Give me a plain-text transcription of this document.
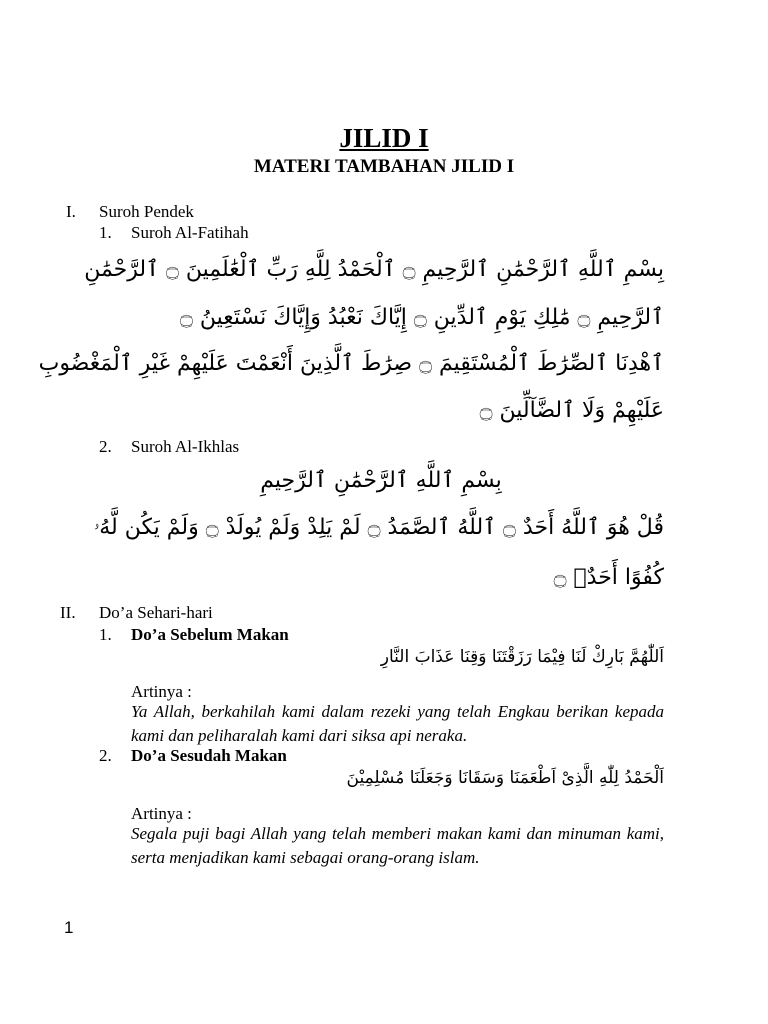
JILID I
MATERI TAMBAHAN JILID I
I. Suroh Pendek
1. Suroh Al-Fatihah
بِسْمِ ٱللَّهِ ٱلرَّحْمَٰنِ ٱلرَّحِيمِ ۝ ٱلْحَمْدُ لِلَّهِ رَبِّ ٱلْعَٰلَمِينَ ۝ ٱلرَّحْمَٰنِ
ٱلرَّحِيمِ ۝ مَٰلِكِ يَوْمِ ٱلدِّينِ ۝ إِيَّاكَ نَعْبُدُ وَإِيَّاكَ نَسْتَعِينُ ۝
ٱهْدِنَا ٱلصِّرَٰطَ ٱلْمُسْتَقِيمَ ۝ صِرَٰطَ ٱلَّذِينَ أَنْعَمْتَ عَلَيْهِمْ غَيْرِ ٱلْمَغْضُوبِ
عَلَيْهِمْ وَلَا ٱلضَّآلِّينَ ۝
2. Suroh Al-Ikhlas
بِسْمِ ٱللَّهِ ٱلرَّحْمَٰنِ ٱلرَّحِيمِ
قُلْ هُوَ ٱللَّهُ أَحَدٌ ۝ ٱللَّهُ ٱلصَّمَدُ ۝ لَمْ يَلِدْ وَلَمْ يُولَدْ ۝ وَلَمْ يَكُن لَّهُۥ
كُفُوًا أَحَدٌۢ ۝
II. Do’a Sehari-hari
1. Do’a Sebelum Makan
اَللّٰهُمَّ بَارِكْ لَنَا فِيْمَا رَزَقْتَنَا وَقِنَا عَذَابَ النَّارِ
Artinya :
Ya Allah, berkahilah kami dalam rezeki yang telah Engkau berikan kepada kami dan peliharalah kami dari siksa api neraka.
2. Do’a Sesudah Makan
اَلْحَمْدُ لِلّٰهِ الَّذِىْ اَطْعَمَنَا وَسَقَانَا وَجَعَلَنَا مُسْلِمِيْنَ
Artinya :
Segala puji bagi Allah yang telah memberi makan kami dan minuman kami, serta menjadikan kami sebagai orang-orang islam.
1
